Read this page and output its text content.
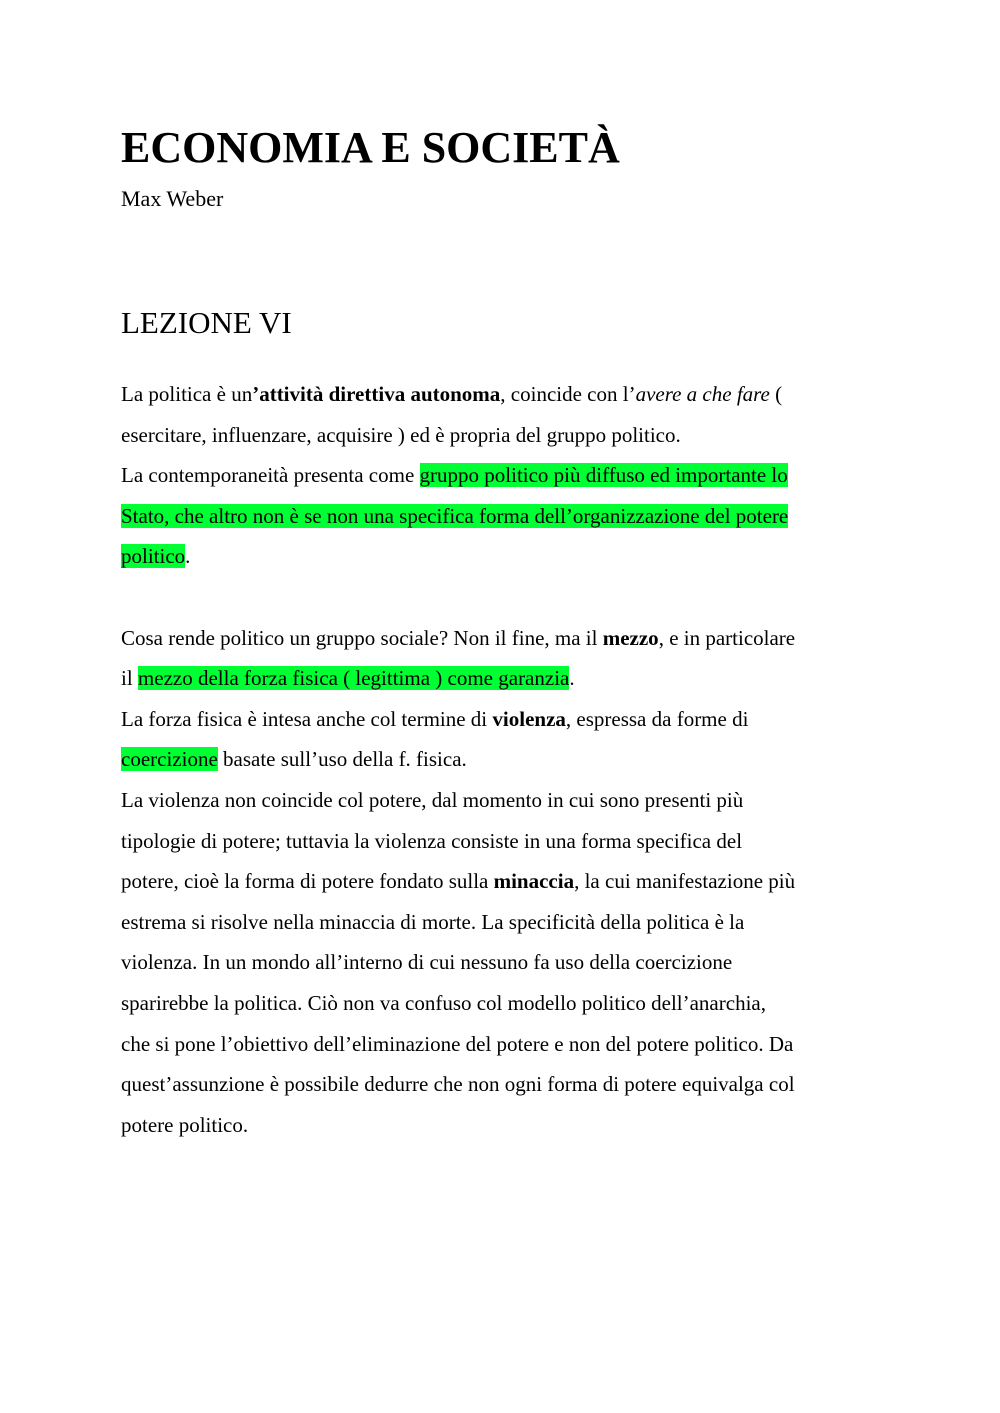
ECONOMIA E SOCIETÀ

Max Weber

LEZIONE VI
La politica è un’attività direttiva autonoma, coincide con l’avere a che fare (
esercitare, influenzare, acquisire ) ed è propria del gruppo politico.
La contemporaneità presenta come gruppo politico più diffuso ed importante lo
Stato, che altro non è se non una specifica forma dell’organizzazione del potere
politico.
Cosa rende politico un gruppo sociale? Non il fine, ma il mezzo, e in particolare
il mezzo della forza fisica ( legittima ) come garanzia.
La forza fisica è intesa anche col termine di violenza, espressa da forme di
coercizione basate sull’uso della f. fisica.
La violenza non coincide col potere, dal momento in cui sono presenti più
tipologie di potere; tuttavia la violenza consiste in una forma specifica del
potere, cioè la forma di potere fondato sulla minaccia, la cui manifestazione più
estrema si risolve nella minaccia di morte. La specificità della politica è la
violenza. In un mondo all’interno di cui nessuno fa uso della coercizione
sparirebbe la politica. Ciò non va confuso col modello politico dell’anarchia,
che si pone l’obiettivo dell’eliminazione del potere e non del potere politico. Da
quest’assunzione è possibile dedurre che non ogni forma di potere equivalga col
potere politico.
